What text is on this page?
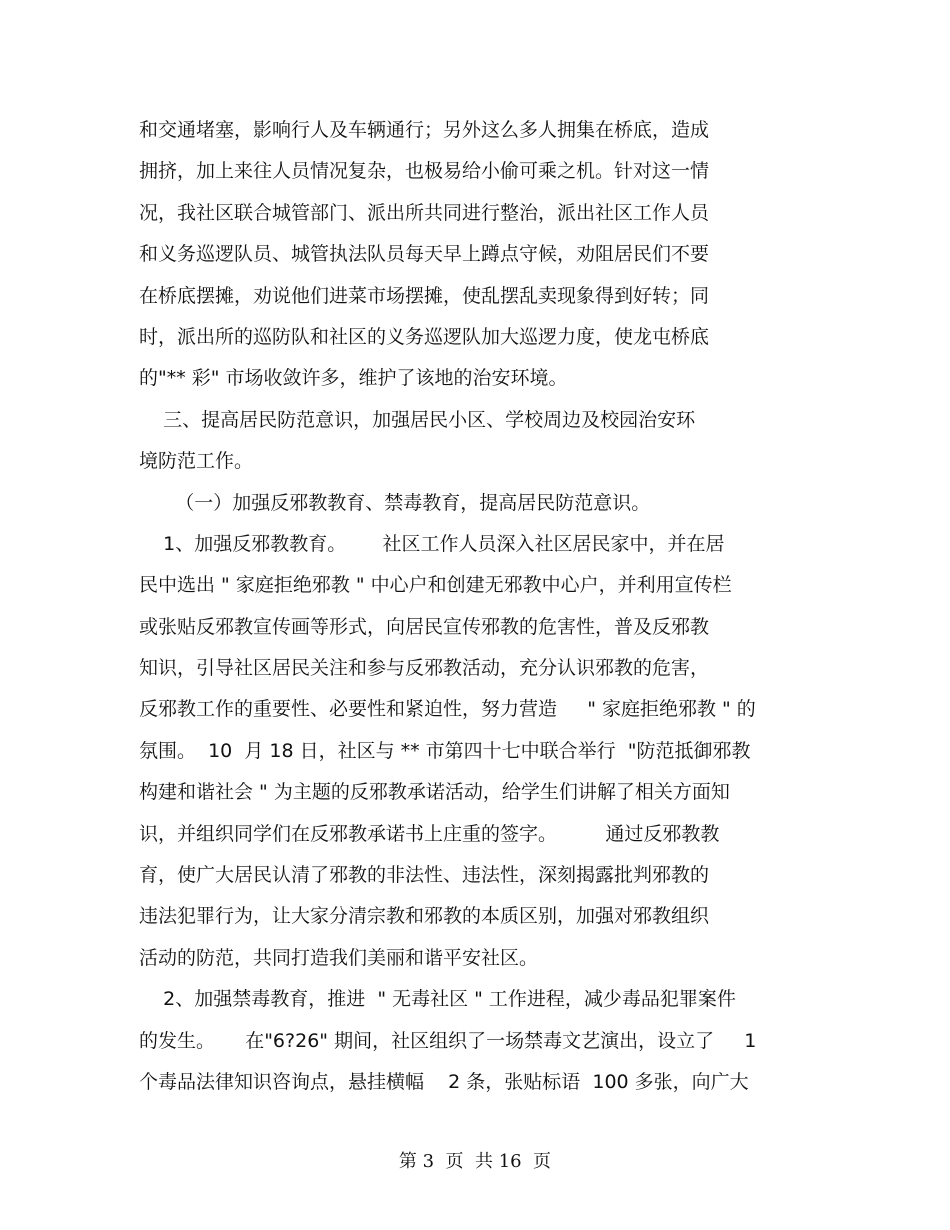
和交通堵塞，影响行人及车辆通行；另外这么多人拥集在桥底，造成
拥挤，加上来往人员情况复杂，也极易给小偷可乘之机。针对这一情
况，我社区联合城管部门、派出所共同进行整治，派出社区工作人员
和义务巡逻队员、城管执法队员每天早上蹲点守候，劝阻居民们不要
在桥底摆摊，劝说他们进菜市场摆摊，使乱摆乱卖现象得到好转；同
时，派出所的巡防队和社区的义务巡逻队加大巡逻力度，使龙屯桥底
的"** 彩" 市场收敛许多，维护了该地的治安环境。
三、提高居民防范意识，加强居民小区、学校周边及校园治安环
境防范工作。
（一）加强反邪教教育、禁毒教育，提高居民防范意识。
1、加强反邪教教育。      社区工作人员深入社区居民家中，并在居
民中选出 " 家庭拒绝邪教 " 中心户和创建无邪教中心户，并利用宣传栏
或张贴反邪教宣传画等形式，向居民宣传邪教的危害性，普及反邪教
知识，引导社区居民关注和参与反邪教活动，充分认识邪教的危害，
反邪教工作的重要性、必要性和紧迫性，努力营造     " 家庭拒绝邪教 " 的
氛围。  10  月 18 日，社区与 ** 市第四十七中联合举行  "防范抵御邪教
构建和谐社会 " 为主题的反邪教承诺活动，给学生们讲解了相关方面知
识，并组织同学们在反邪教承诺书上庄重的签字。        通过反邪教教
育，使广大居民认清了邪教的非法性、违法性，深刻揭露批判邪教的
违法犯罪行为，让大家分清宗教和邪教的本质区别，加强对邪教组织
活动的防范，共同打造我们美丽和谐平安社区。
2、加强禁毒教育，推进  " 无毒社区 " 工作进程，减少毒品犯罪案件
的发生。     在"6?26" 期间，社区组织了一场禁毒文艺演出，设立了     1
个毒品法律知识咨询点，悬挂横幅    2 条，张贴标语  100 多张，向广大
第 3  页  共 16  页
